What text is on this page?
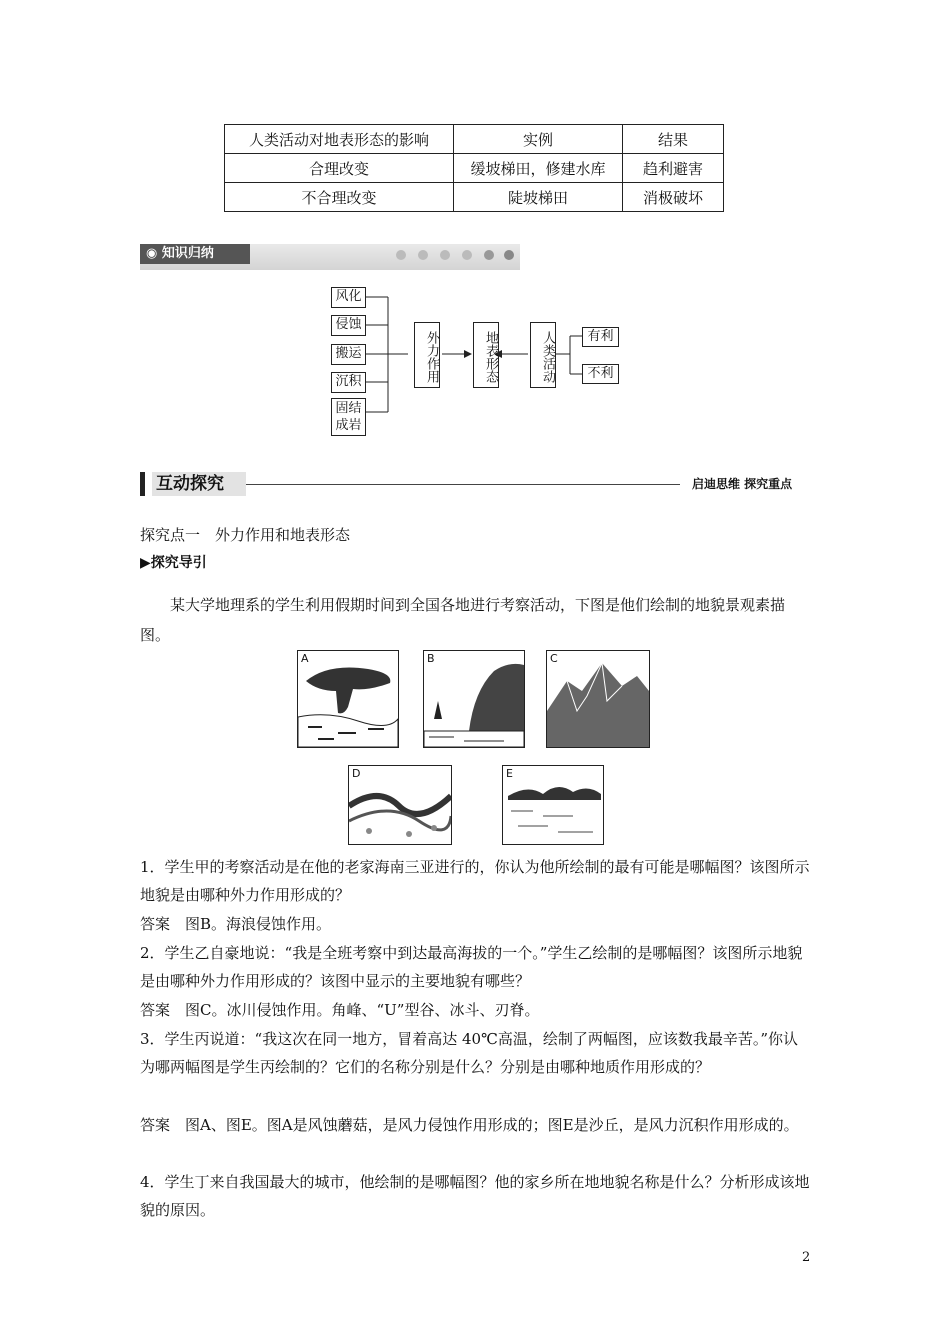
人类活动对地表形态的影响	实例	结果
合理改变	缓坡梯田，修建水库	趋利避害
不合理改变	陡坡梯田	消极破坏
◉ 知识归纳
风化
侵蚀
搬运
沉积
固结成岩
外力作用	地表形态	人类活动	有利
不利
互动探究	启迪思维 探究重点
探究点一　外力作用和地表形态
▶探究导引
某大学地理系的学生利用假期时间到全国各地进行考察活动，下图是他们绘制的地貌景观素描图。
A	B	C
D	E
1．学生甲的考察活动是在他的老家海南三亚进行的，你认为他所绘制的最有可能是哪幅图？该图所示地貌是由哪种外力作用形成的？
答案　图B。海浪侵蚀作用。
2．学生乙自豪地说：“我是全班考察中到达最高海拔的一个。”学生乙绘制的是哪幅图？该图所示地貌是由哪种外力作用形成的？该图中显示的主要地貌有哪些？
答案　图C。冰川侵蚀作用。角峰、“U”型谷、冰斗、刃脊。
3．学生丙说道：“我这次在同一地方，冒着高达 40℃高温，绘制了两幅图，应该数我最辛苦。”你认为哪两幅图是学生丙绘制的？它们的名称分别是什么？分别是由哪种地质作用形成的？
答案　图A、图E。图A是风蚀蘑菇，是风力侵蚀作用形成的；图E是沙丘，是风力沉积作用形成的。
4．学生丁来自我国最大的城市，他绘制的是哪幅图？他的家乡所在地地貌名称是什么？分析形成该地貌的原因。
2
